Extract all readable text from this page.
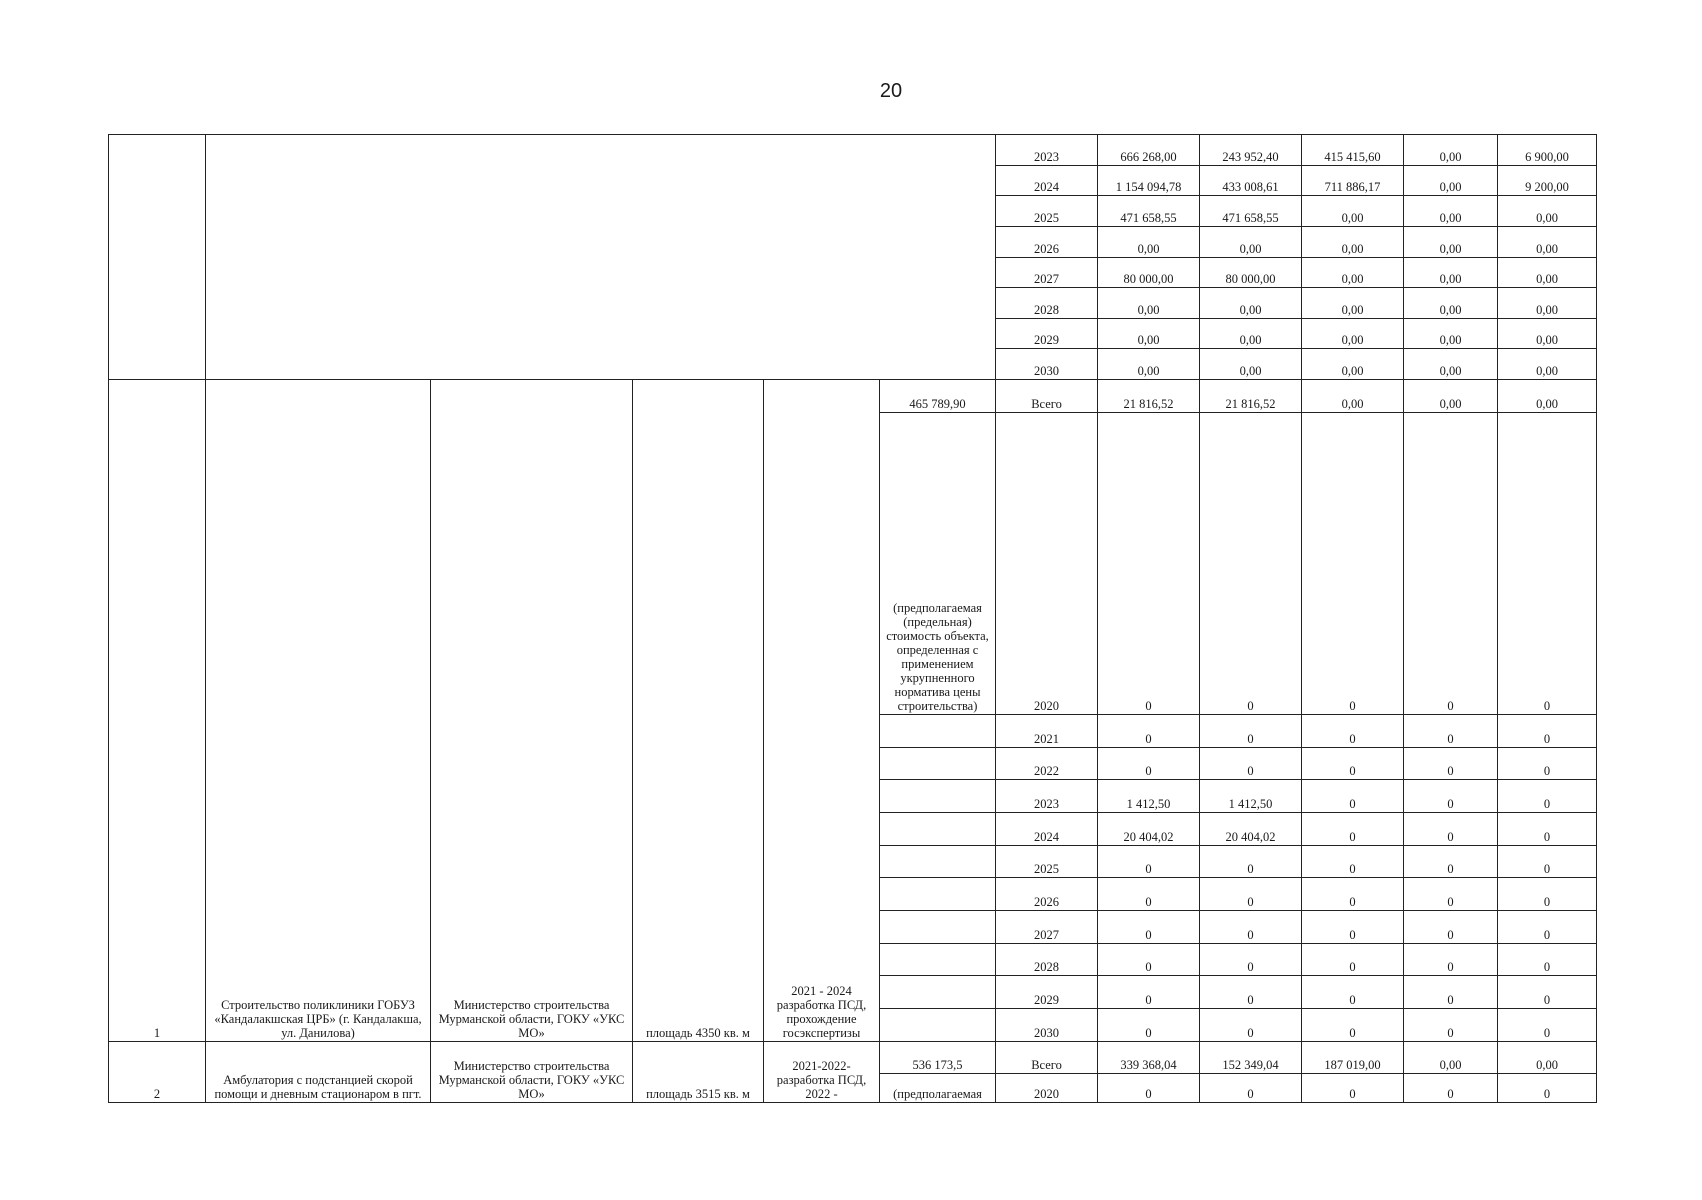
20
						2023	666 268,00	243 952,40	415 415,60	0,00	6 900,00
						2024	1 154 094,78	433 008,61	711 886,17	0,00	9 200,00
						2025	471 658,55	471 658,55	0,00	0,00	0,00
						2026	0,00	0,00	0,00	0,00	0,00
						2027	80 000,00	80 000,00	0,00	0,00	0,00
						2028	0,00	0,00	0,00	0,00	0,00
						2029	0,00	0,00	0,00	0,00	0,00
						2030	0,00	0,00	0,00	0,00	0,00
1	Строительство поликлиники ГОБУЗ «Кандалакшская ЦРБ» (г. Кандалакша, ул. Данилова)	Министерство строительства Мурманской области, ГОКУ «УКС МО»	площадь 4350 кв. м	2021 - 2024 разработка ПСД, прохождение госэкспертизы	465 789,90	Всего	21 816,52	21 816,52	0,00	0,00	0,00
					(предполагаемая (предельная) стоимость объекта, определенная с применением укрупненного норматива цены строительства)	2020	0	0	0	0	0
						2021	0	0	0	0	0
						2022	0	0	0	0	0
						2023	1 412,50	1 412,50	0	0	0
						2024	20 404,02	20 404,02	0	0	0
						2025	0	0	0	0	0
						2026	0	0	0	0	0
						2027	0	0	0	0	0
						2028	0	0	0	0	0
						2029	0	0	0	0	0
						2030	0	0	0	0	0
2	Амбулатория с подстанцией скорой помощи и дневным стационаром в пгт.	Министерство строительства Мурманской области, ГОКУ «УКС МО»	площадь 3515 кв. м	2021-2022- разработка ПСД, 2022 -	536 173,5	Всего	339 368,04	152 349,04	187 019,00	0,00	0,00
					(предполагаемая	2020	0	0	0	0	0
